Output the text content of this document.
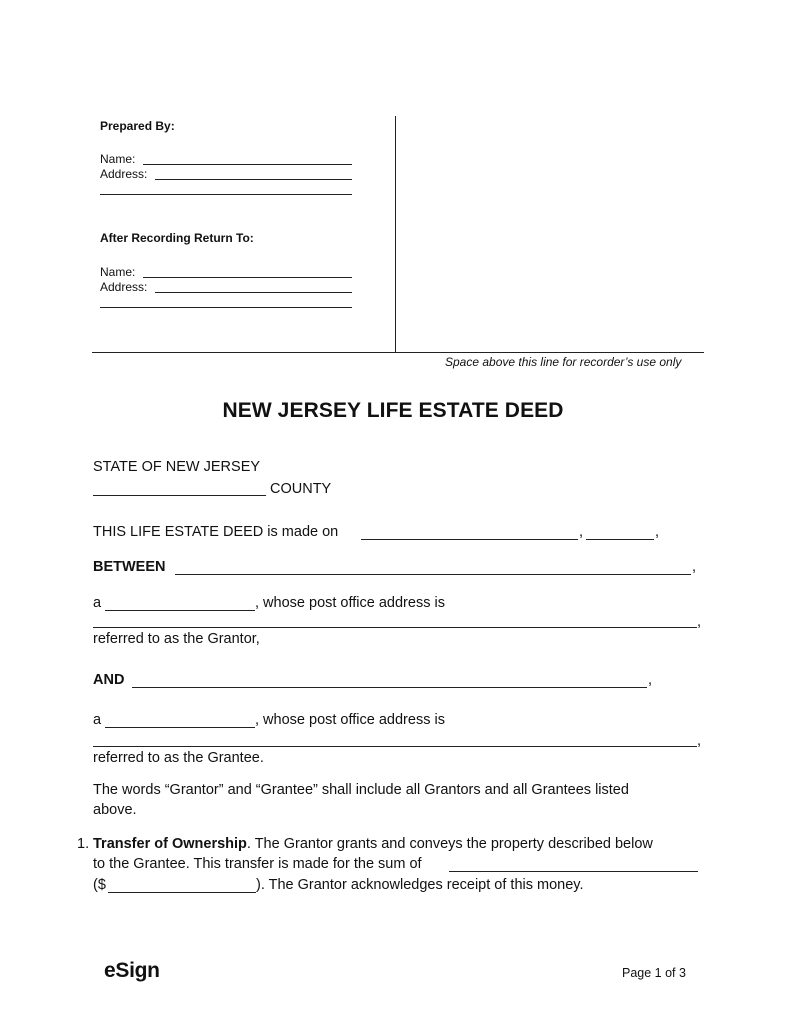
Prepared By:
Name:
Address:
After Recording Return To:
Name:
Address:
Space above this line for recorder’s use only
NEW JERSEY LIFE ESTATE DEED
STATE OF NEW JERSEY
COUNTY
THIS LIFE ESTATE DEED is made on	,	,
BETWEEN	,
a	, whose post office address is
,
referred to as the Grantor,
AND	,
a	, whose post office address is
,
referred to as the Grantee.
The words “Grantor” and “Grantee” shall include all Grantors and all Grantees listed
above.
1. Transfer of Ownership. The Grantor grants and conveys the property described below
to the Grantee. This transfer is made for the sum of
($	). The Grantor acknowledges receipt of this money.
eSign	Page 1 of 3
